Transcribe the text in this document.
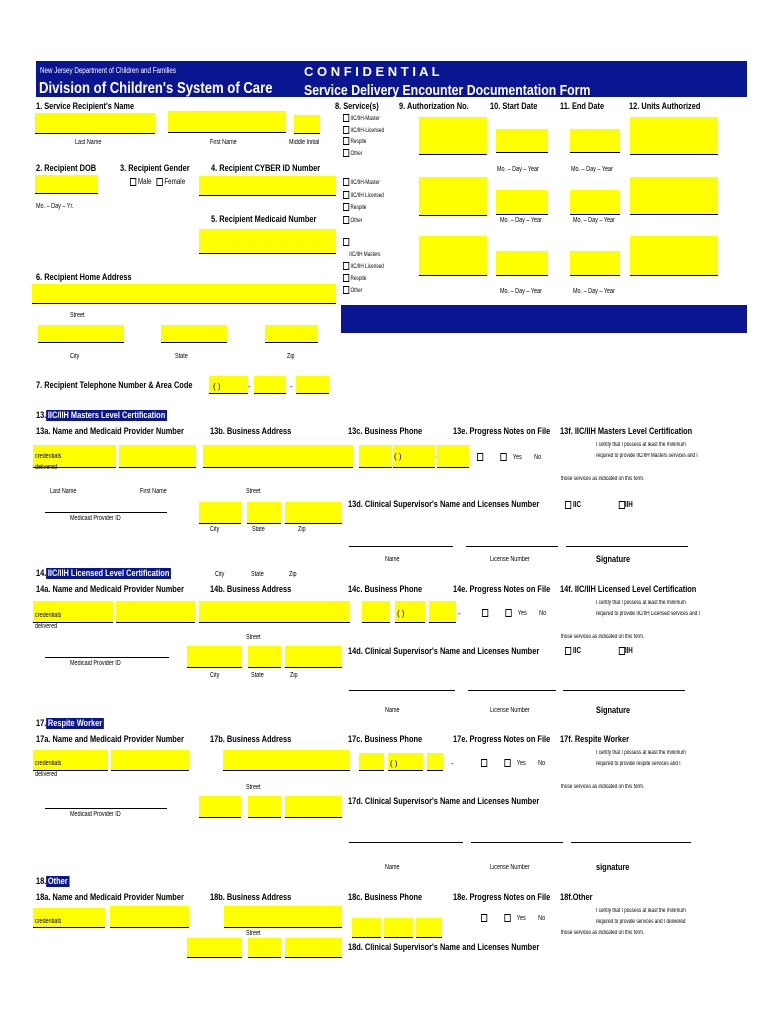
New Jersey Department of Children and Families
Division of Children's System of Care
C O N F I D E N T I A L
Service Delivery Encounter Documentation Form
1. Service Recipient's Name
Last Name	First Name	Middle Initial
2. Recipient DOB
Mo. – Day – Yr.
3. Recipient Gender
Male Female
4. Recipient CYBER ID Number
5. Recipient Medicaid Number
6. Recipient Home Address
Street
City	State	Zip
7. Recipient Telephone Number & Area Code	( )	-	-
8. Service(s) 9. Authorization No. 10. Start Date 11. End Date	12. Units Authorized
IIC/IIH-Master
IIC/IIH-Licensed
Respite
Other
Mo. – Day – Year	Mo. – Day – Year
IIC/IIH-Master
IIC/IIH Licensed
Respite
Other	Mo. – Day – Year	Mo. – Day – Year
IIC/IIH Masters
IIC/IIH Licensed
Respite
Other	Mo. – Day – Year	Mo. – Day – Year
13. IIC/IIH Masters Level Certification
13a. Name and Medicaid Provider Number	13b. Business Address	13c. Business Phone	13e. Progress Notes on File 13f. IIC/IIH Masters Level Certification
credentials
delivered
( )	Yes No
I certify that I possess at least the minimum
required to provide IIC/IIH Masters services and I
those services as indicated on this form.
Last Name	First Name	Street
Medicaid Provider ID
City	State	Zip
13d. Clinical Supervisor's Name and Licenses Number	IIC	IIH
Name	License Number	Signature
14. IIC/IIH Licensed Level Certification	City	State	Zip
14a. Name and Medicaid Provider Number	14b. Business Address	14c. Business Phone	14e. Progress Notes on File 14f. IIC/IIH Licensed Level Certification
credentials
delivered
( )	-	Yes No
I certify that I possess at least the minimum
required to provide IIC/IIH Licensed services and I
those services as indicated on this form.
Street
Medicaid Provider ID
City	State	Zip
14d. Clinical Supervisor's Name and Licenses Number	IIC	IIH
Name	License Number	Signature
17. Respite Worker
17a. Name and Medicaid Provider Number	17b. Business Address	17c. Business Phone	17e. Progress Notes on File 17f. Respite Worker
credentials
delivered
( )	-	Yes No
I certify that I possess at least the minimum
required to provide respite services and I
those services as indicated on this form.
Street
Medicaid Provider ID
17d. Clinical Supervisor's Name and Licenses Number
Name	License Number	signature
18. Other
18a. Name and Medicaid Provider Number	18b. Business Address	18c. Business Phone	18e. Progress Notes on File 18f.Other
credentials	Yes No
I certify that I possess at least the minimum
required to provide services and I delivered
those services as indicated on this form.
Street
18d. Clinical Supervisor's Name and Licenses Number
